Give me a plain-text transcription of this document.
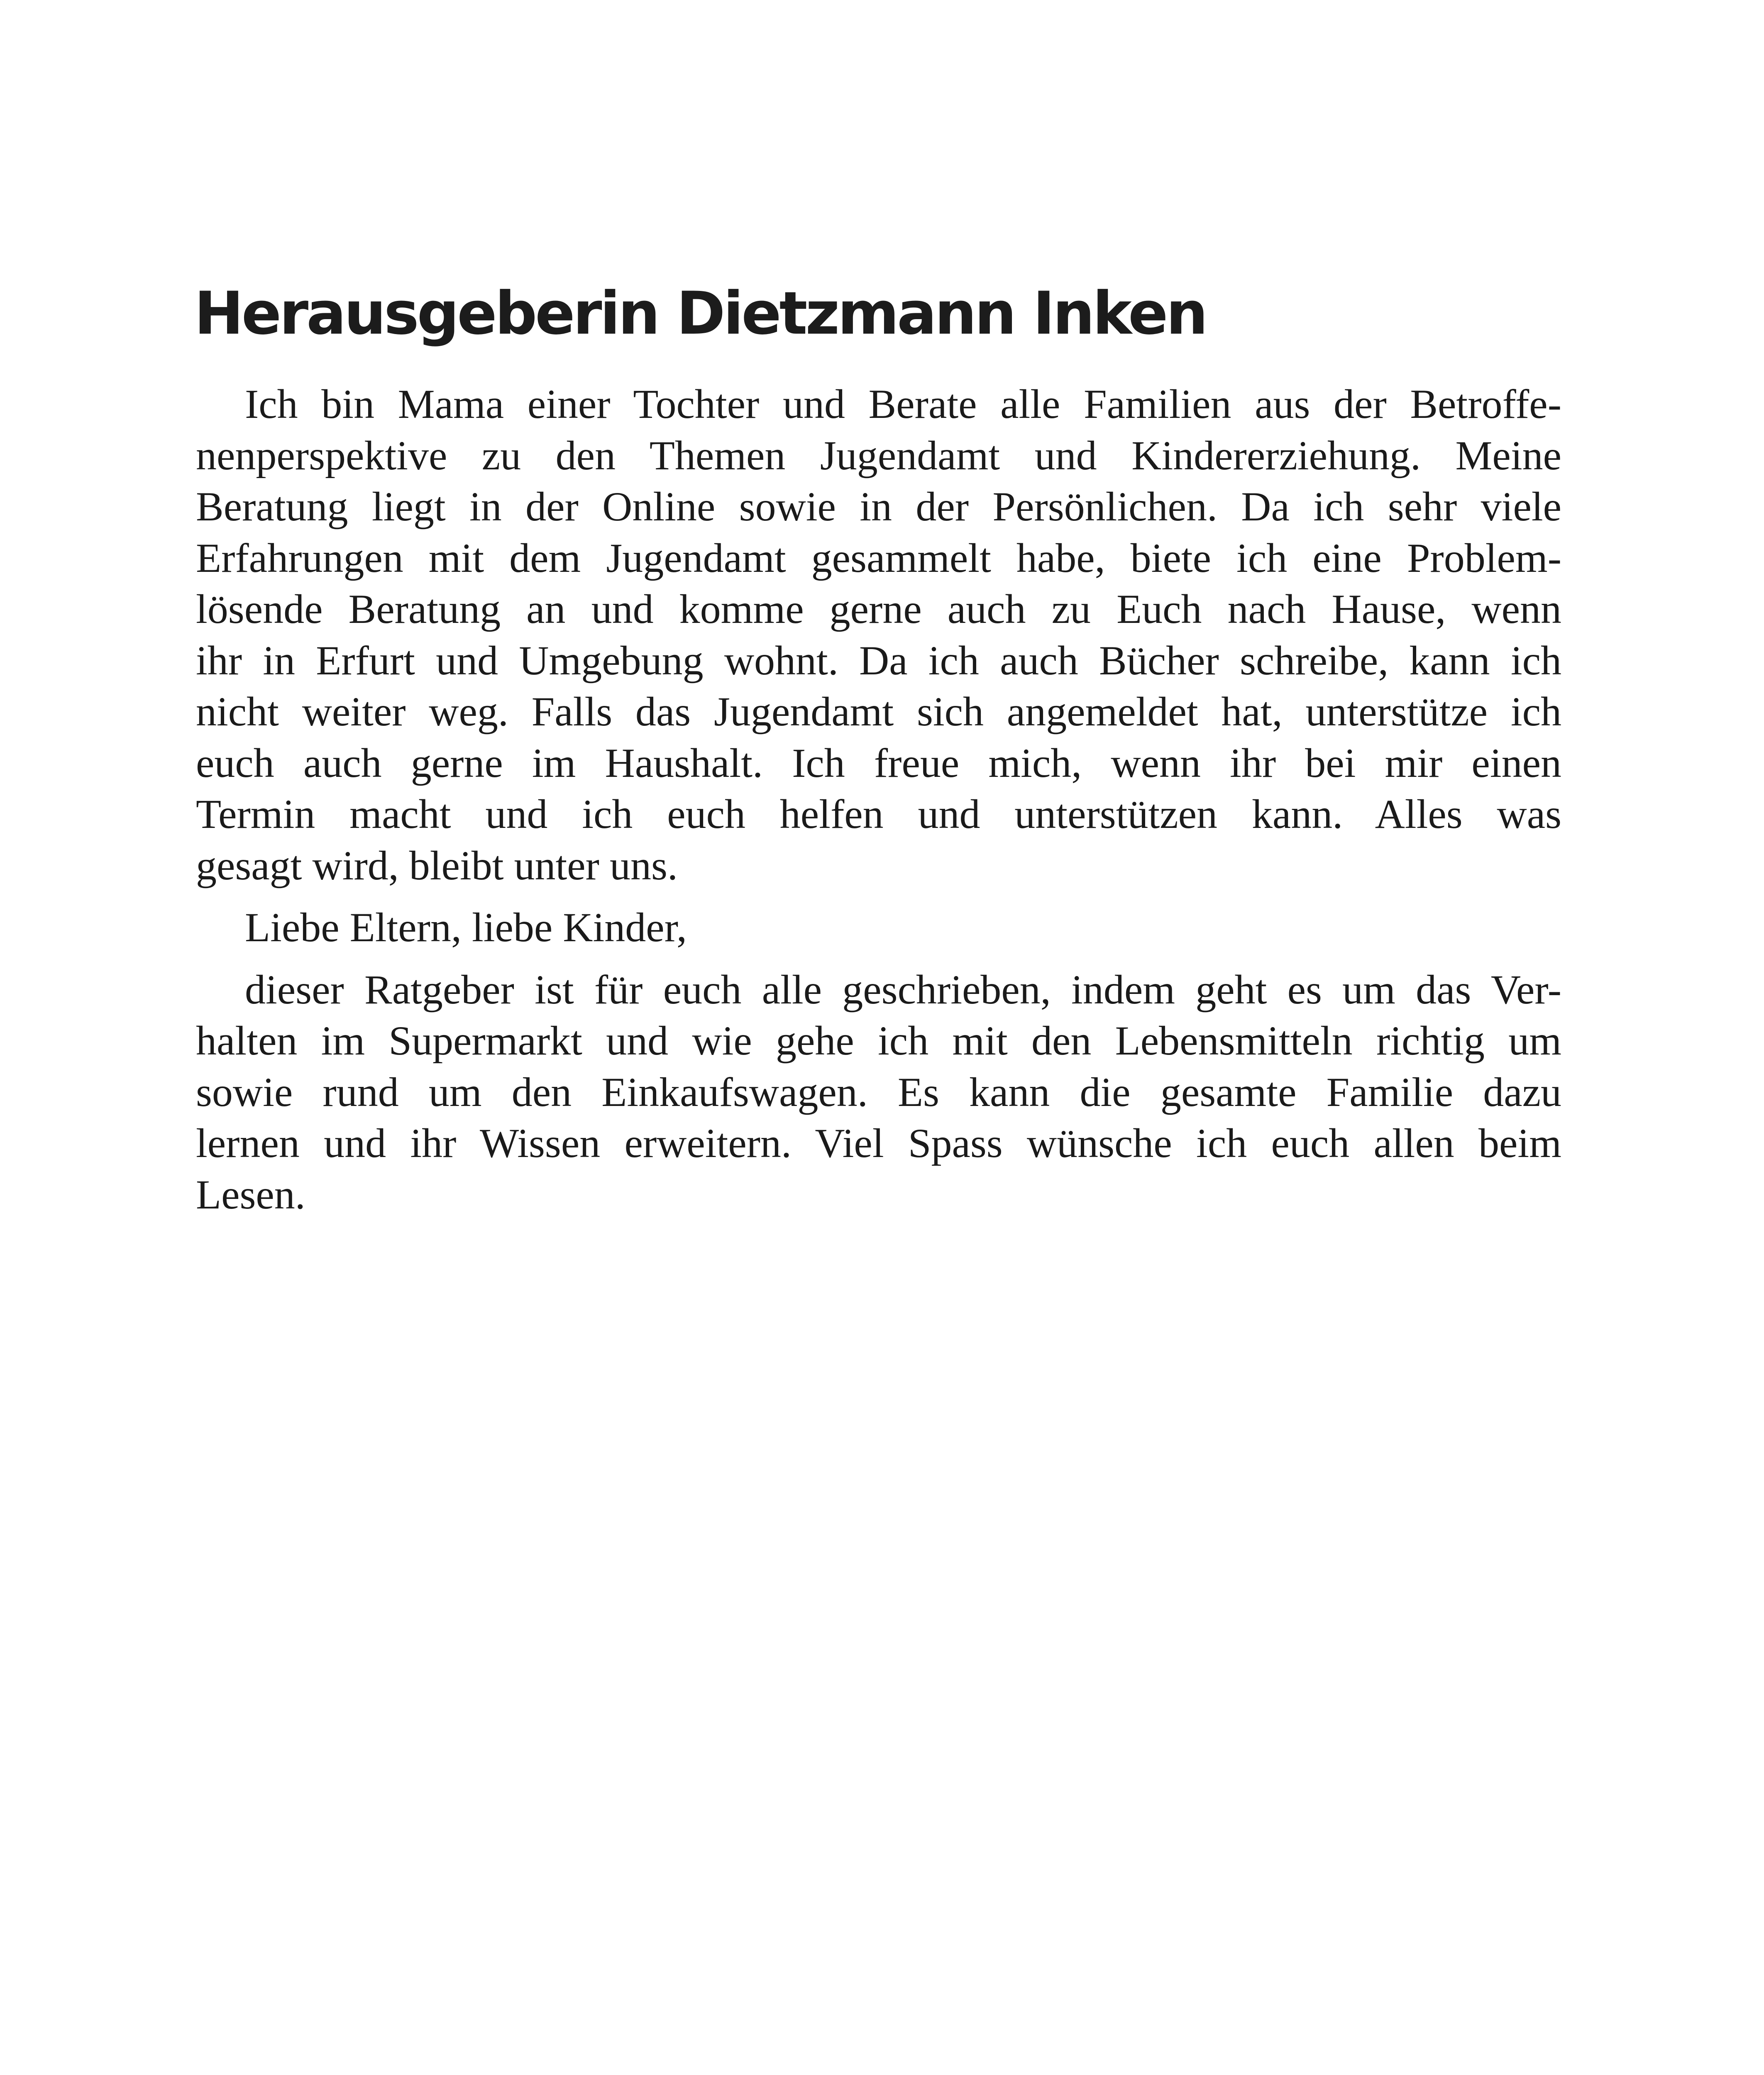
Herausgeberin Dietzmann Inken
Ich bin Mama einer Tochter und Berate alle Familien aus der Betroffe-
nenperspektive zu den Themen Jugendamt und Kindererziehung. Meine
Beratung liegt in der Online sowie in der Persönlichen. Da ich sehr viele
Erfahrungen mit dem Jugendamt gesammelt habe, biete ich eine Problem-
lösende Beratung an und komme gerne auch zu Euch nach Hause, wenn
ihr in Erfurt und Umgebung wohnt. Da ich auch Bücher schreibe, kann ich
nicht weiter weg. Falls das Jugendamt sich angemeldet hat, unterstütze ich
euch auch gerne im Haushalt. Ich freue mich, wenn ihr bei mir einen
Termin macht und ich euch helfen und unterstützen kann. Alles was
gesagt wird, bleibt unter uns.
Liebe Eltern, liebe Kinder,
dieser Ratgeber ist für euch alle geschrieben, indem geht es um das Ver-
halten im Supermarkt und wie gehe ich mit den Lebensmitteln richtig um
sowie rund um den Einkaufswagen. Es kann die gesamte Familie dazu
lernen und ihr Wissen erweitern. Viel Spass wünsche ich euch allen beim
Lesen.
